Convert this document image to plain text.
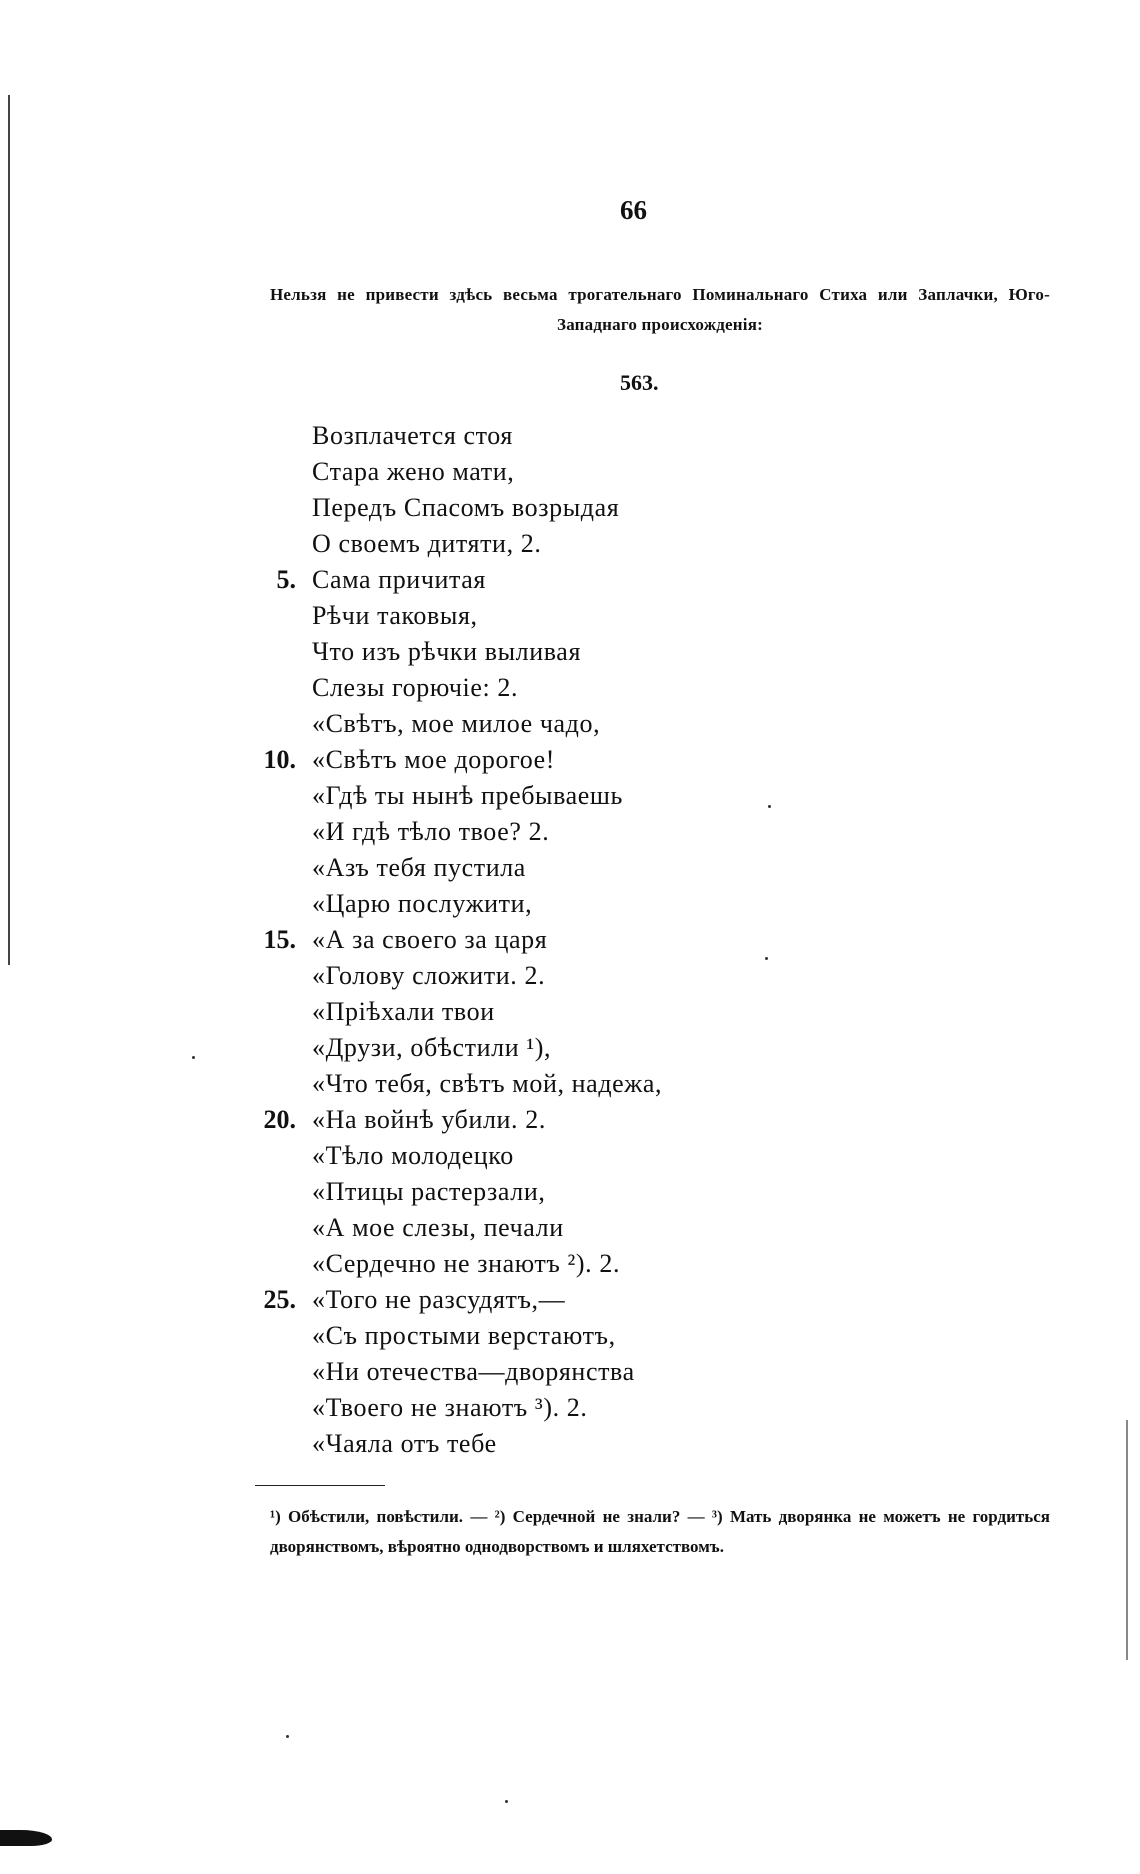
66
Нельзя не привести здѣсь весьма трогательнаго Поминальнаго Стиха или Заплачки, Юго-Западнаго происхожденія:
563.
Возплачется стоя
Стара жено мати,
Передъ Спасомъ возрыдая
О своемъ дитяти, 2.
5. Сама причитая
Рѣчи таковыя,
Что изъ рѣчки выливая
Слезы горючіе: 2.
«Свѣтъ, мое милое чадо,
10. «Свѣтъ мое дорогое!
«Гдѣ ты нынѣ пребываешь
«И гдѣ тѣло твое? 2.
«Азъ тебя пустила
«Царю послужити,
15. «А за своего за царя
«Голову сложити. 2.
«Пріѣхали твои
«Друзи, обѣстили ¹),
«Что тебя, свѣтъ мой, надежа,
20. «На войнѣ убили. 2.
«Тѣло молодецко
«Птицы растерзали,
«А мое слезы, печали
«Сердечно не знаютъ ²). 2.
25. «Того не разсудятъ,—
«Съ простыми верстаютъ,
«Ни отечества—дворянства
«Твоего не знаютъ ³). 2.
«Чаяла отъ тебе
¹) Обѣстили, повѣстили. — ²) Сердечной не знали? — ³) Мать дворянка не можетъ не гордиться дворянствомъ, вѣроятно однодворствомъ и шляхетствомъ.
